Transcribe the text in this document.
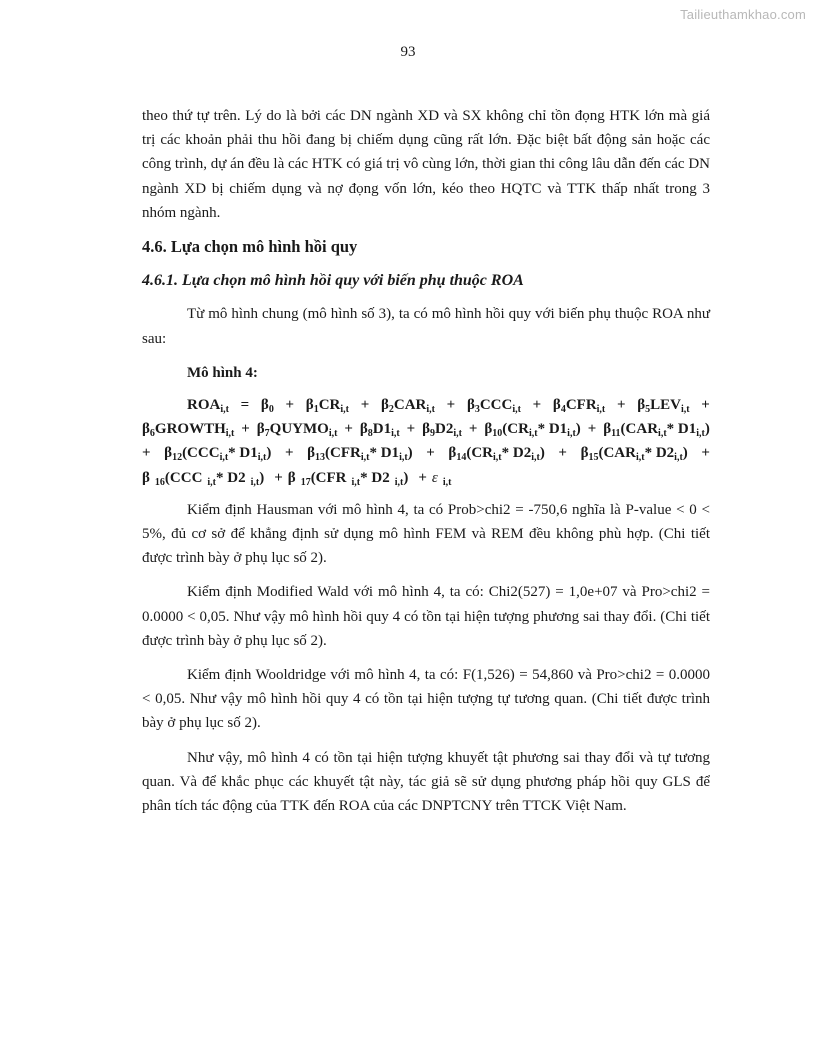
Tailieuthamkhao.com
93

theo thứ tự trên. Lý do là bởi các DN ngành XD và SX không chỉ tồn đọng HTK lớn mà giá trị các khoản phải thu hồi đang bị chiếm dụng cũng rất lớn. Đặc biệt bất động sản hoặc các công trình, dự án đều là các HTK có giá trị vô cùng lớn, thời gian thi công lâu dẫn đến các DN ngành XD bị chiếm dụng và nợ đọng vốn lớn, kéo theo HQTC và TTK thấp nhất trong 3 nhóm ngành.

4.6. Lựa chọn mô hình hồi quy
4.6.1. Lựa chọn mô hình hồi quy với biến phụ thuộc ROA

Từ mô hình chung (mô hình số 3), ta có mô hình hồi quy với biến phụ thuộc ROA như sau:

Mô hình 4:
$ROA_{i,t} = \beta_0 + \beta_1CR_{i,t} + \beta_2CAR_{i,t} + \beta_3CCC_{i,t} + \beta_4CFR_{i,t} + \beta_5LEV_{i,t}$ +
$\beta_6GROWTH_{i,t}$ + $\beta_7QUYMO_{i,t} + \beta_8D1_{i,t} + \beta_9D2_{i,t} + \beta_{10}(CR_{i,t}*$ $D1_{i,t}) + \beta_{11}(CAR_{i,t}*$ $D1_{i,t}$)
+ $\beta_{12}(CCC_{i,t}*$ $D1_{i,t}) + \beta_{13}(CFR_{i,t}*$ $D1_{i,t}) + \beta_{14}(CR_{i,t}*$ $D2_{i,t}) + \beta_{15}(CAR_{i,t}*$ $D2_{i,t}$) +
β $_{16}$(CCC $_{i,t}$* D2 $_{i,t}$) + β $_{17}$(CFR $_{i,t}$* D2 $_{i,t}$) + ε $_{i,t}$

Kiểm định Hausman với mô hình 4, ta có Prob>chi2 = -750,6 nghĩa là P-value < 0 < 5%, đủ cơ sở để khẳng định sử dụng mô hình FEM và REM đều không phù hợp. (Chi tiết được trình bày ở phụ lục số 2).

Kiểm định Modified Wald với mô hình 4, ta có: Chi2(527) = 1,0e+07 và Pro>chi2 = 0.0000 < 0,05. Như vậy mô hình hồi quy 4 có tồn tại hiện tượng phương sai thay đổi. (Chi tiết được trình bày ở phụ lục số 2).

Kiểm định Wooldridge với mô hình 4, ta có: F(1,526) = 54,860 và Pro>chi2 = 0.0000 < 0,05. Như vậy mô hình hồi quy 4 có tồn tại hiện tượng tự tương quan. (Chi tiết được trình bày ở phụ lục số 2).

Như vậy, mô hình 4 có tồn tại hiện tượng khuyết tật phương sai thay đổi và tự tương quan. Và để khắc phục các khuyết tật này, tác giả sẽ sử dụng phương pháp hồi quy GLS để phân tích tác động của TTK đến ROA của các DNPTCNY trên TTCK Việt Nam.
